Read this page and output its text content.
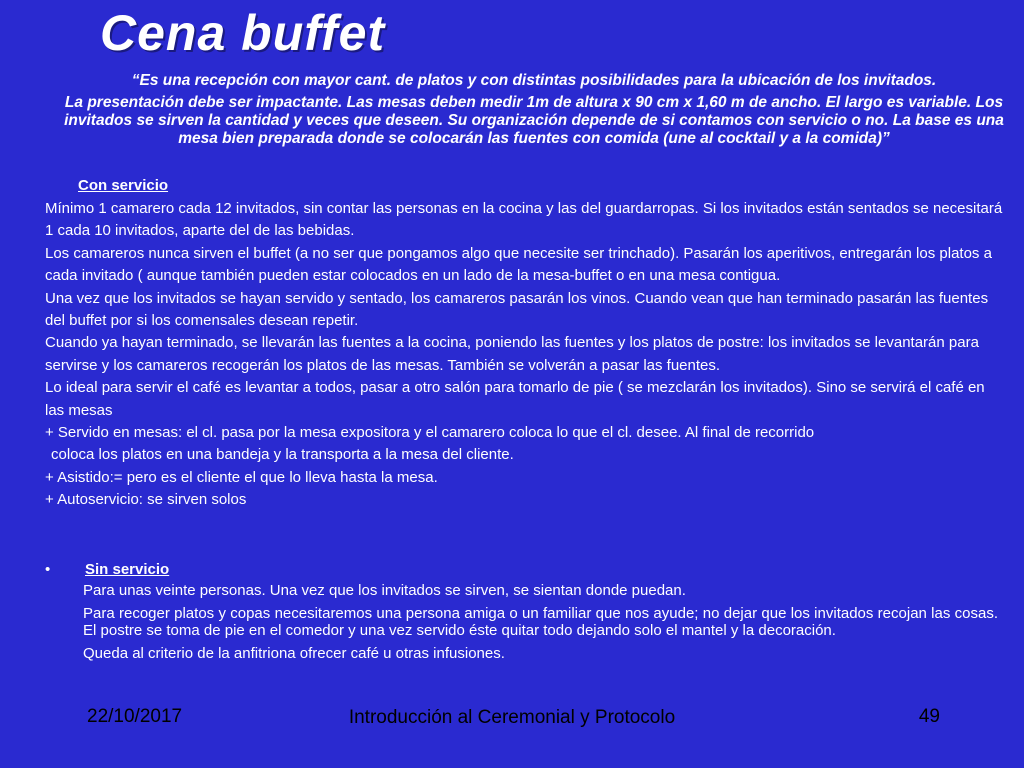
Cena buffet

“Es una recepción con mayor cant. de platos y con distintas posibilidades para la ubicación de los invitados.

La presentación debe ser impactante. Las mesas deben medir 1m de altura x 90 cm x 1,60 m de ancho. El largo es variable. Los invitados se sirven la cantidad y veces que deseen. Su organización depende de si contamos con servicio o no. La base es una mesa bien preparada donde se colocarán las fuentes con comida (une al cocktail y a la comida)”

Con servicio
Mínimo 1 camarero cada 12 invitados, sin contar las personas en la cocina y las del guardarropas. Si los invitados están sentados se necesitará 1 cada 10 invitados, aparte del de las bebidas.
Los camareros nunca sirven el buffet (a no ser que pongamos algo que necesite ser trinchado). Pasarán los aperitivos, entregarán los platos a cada invitado ( aunque también pueden estar colocados en un lado de la mesa-buffet o en una mesa contigua.
Una vez que los invitados se hayan servido y sentado, los camareros pasarán los vinos. Cuando vean que han terminado pasarán las fuentes del buffet por si los comensales desean repetir.
Cuando ya hayan terminado, se llevarán las fuentes a la cocina, poniendo las fuentes y los platos de postre: los invitados se levantarán para servirse y los camareros recogerán los platos de las mesas. También se volverán a pasar las fuentes.
Lo ideal para servir el café es levantar a todos, pasar a otro salón para tomarlo de pie ( se mezclarán los invitados). Sino se servirá el café en las mesas
+ Servido en mesas: el cl. pasa por la mesa expositora y el camarero coloca lo que el cl. desee. Al final de recorrido
coloca los platos en una bandeja y la transporta a la mesa del cliente.
+ Asistido:= pero es el cliente el que lo lleva hasta la mesa.
+ Autoservicio: se sirven solos
• Sin servicio
Para unas veinte personas. Una vez que los invitados se sirven, se sientan donde puedan.
Para recoger platos y copas necesitaremos una persona amiga o un familiar que nos ayude; no dejar que los invitados recojan las cosas. El postre se toma de pie en el comedor y una vez servido éste quitar todo dejando solo el mantel y la decoración.
Queda al criterio de la anfitriona ofrecer café u otras infusiones.
22/10/2017	Introducción al Ceremonial y Protocolo	49
